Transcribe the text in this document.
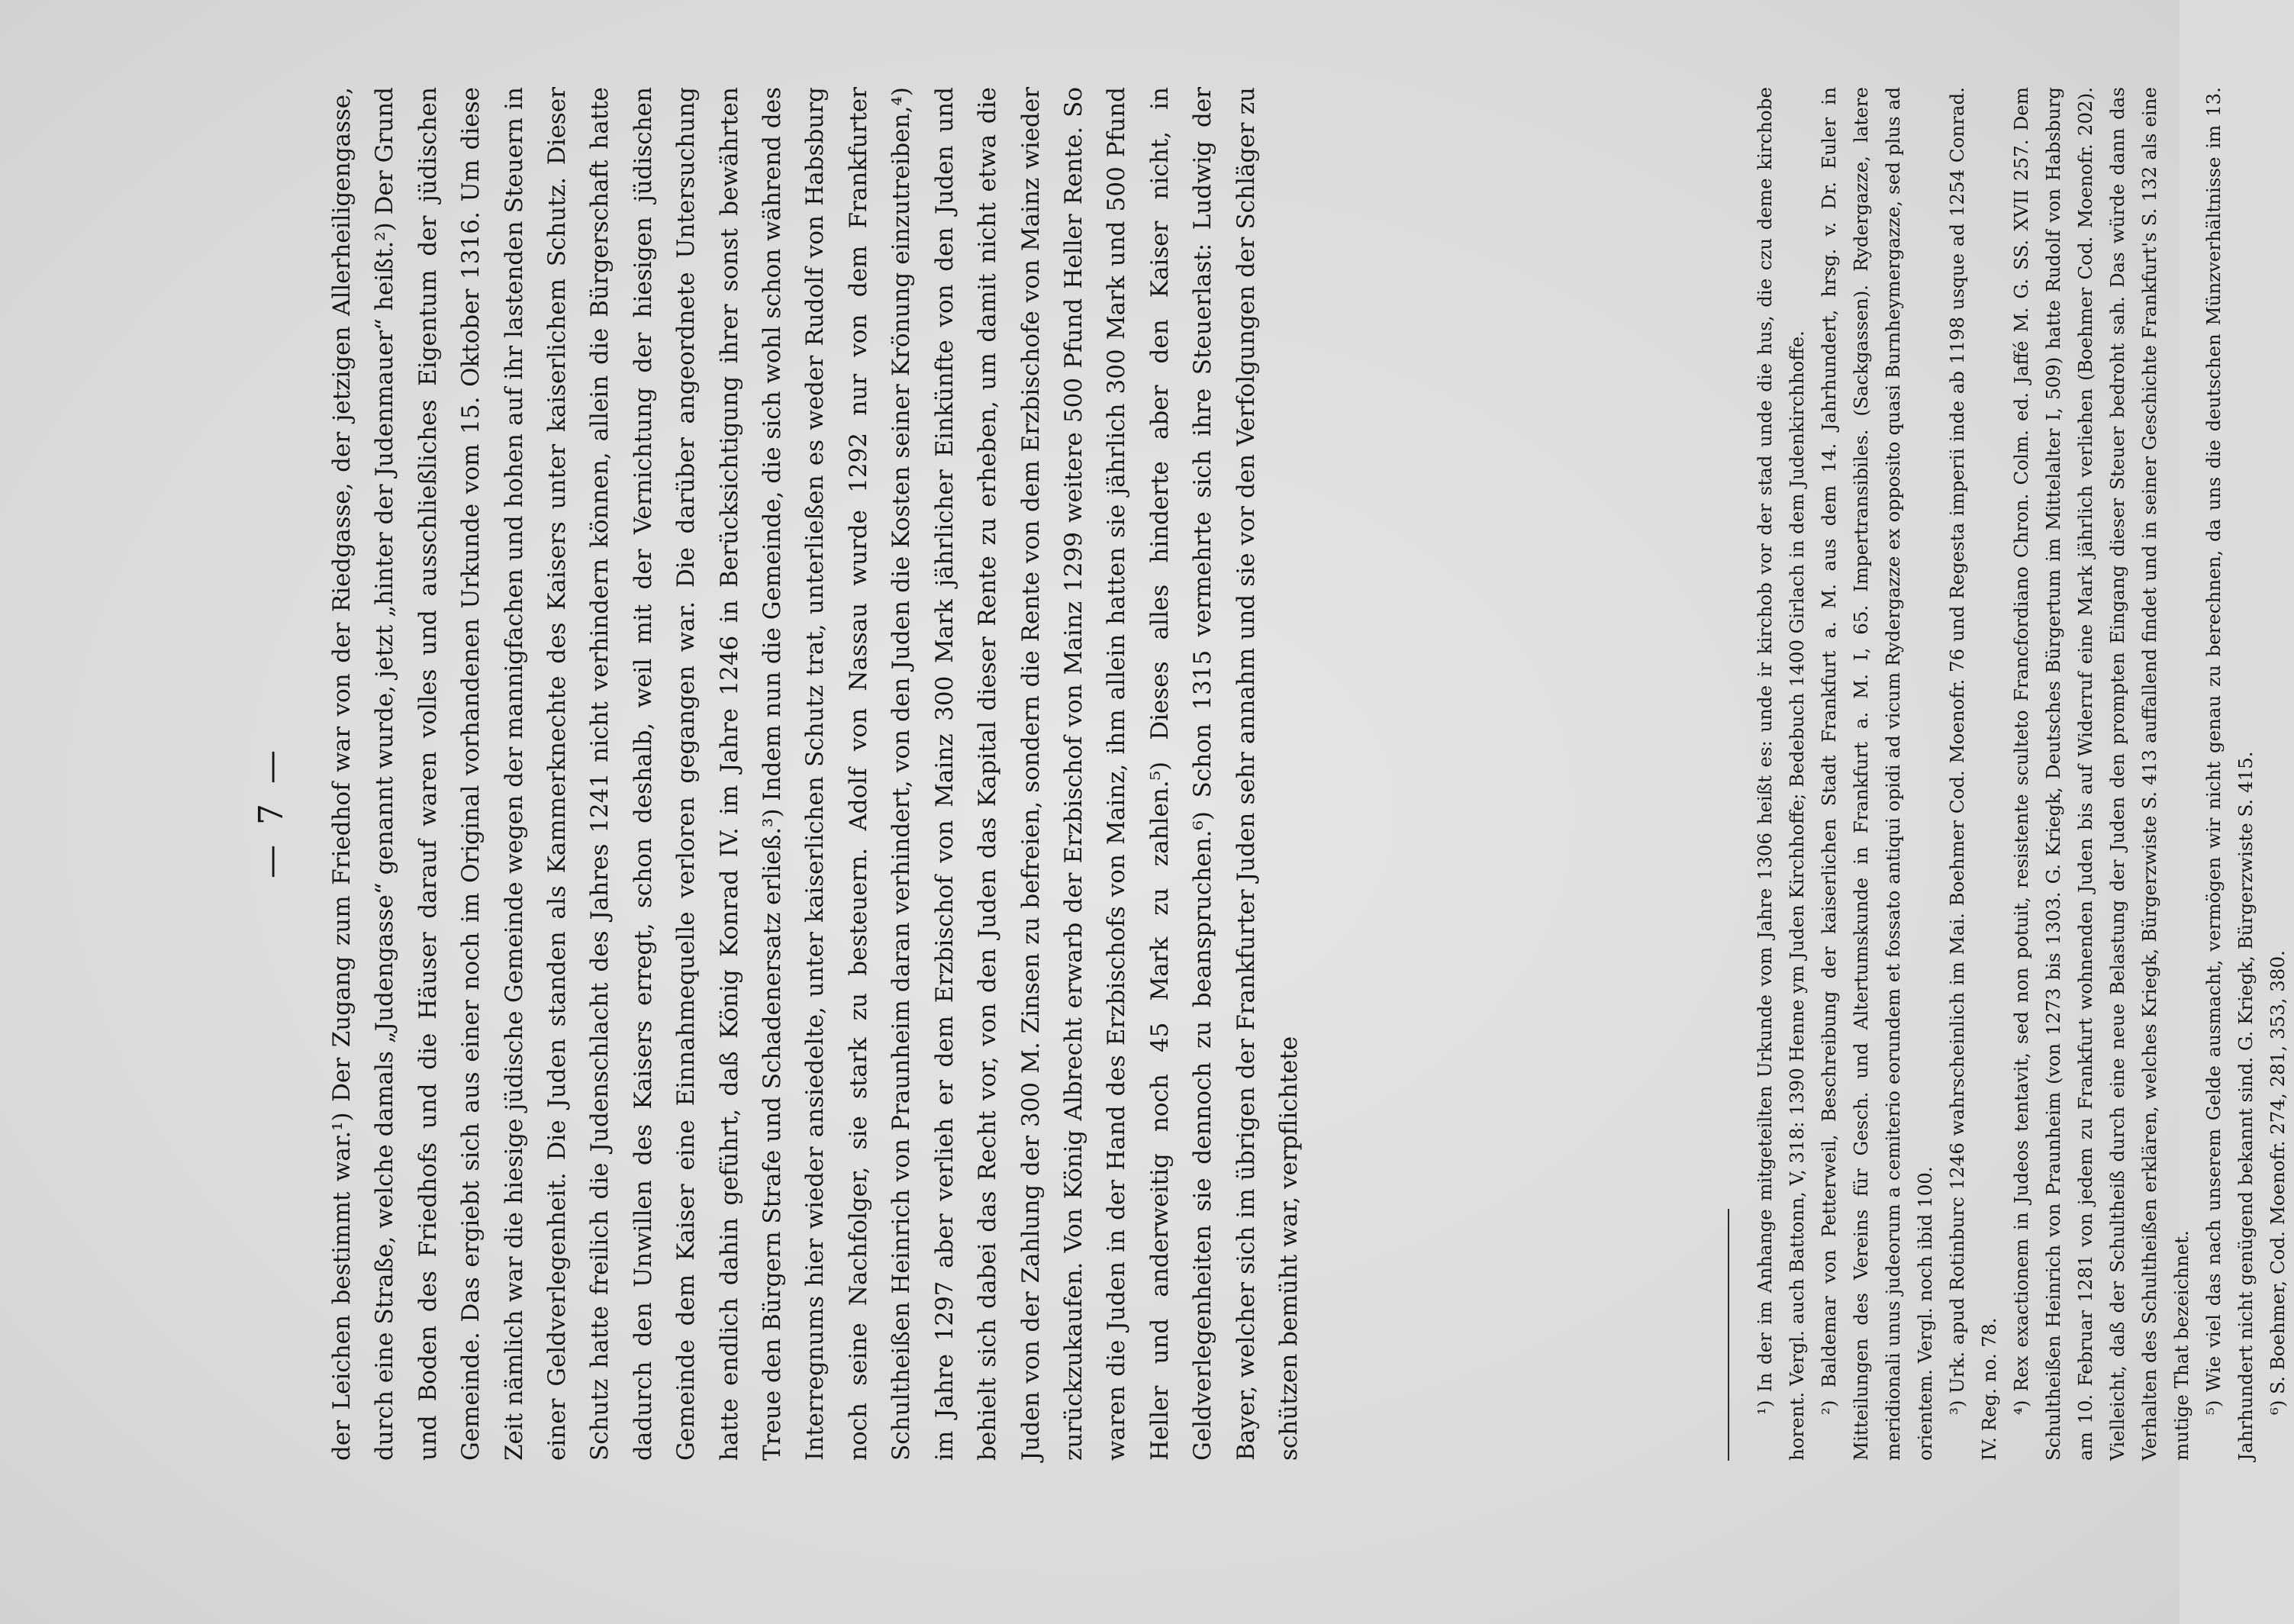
— 7 —	der Leichen bestimmt war.¹) Der Zugang zum Friedhof war von der Riedgasse, der jetzigen Allerheiligengasse, durch eine Straße, welche damals „Judengasse“ genannt wurde, jetzt „hinter der Judenmauer“ heißt.²) Der Grund und Boden des Friedhofs und die Häuser darauf waren volles und ausschließliches Eigentum der jüdischen Gemeinde. Das ergiebt sich aus einer noch im Original vorhandenen Urkunde vom 15. Oktober 1316. Um diese Zeit nämlich war die hiesige jüdische Gemeinde wegen der mannigfachen und hohen auf ihr lastenden Steuern in einer Geldverlegenheit. Die Juden standen als Kammerknechte des Kaisers unter kaiserlichem Schutz. Dieser Schutz hatte freilich die Judenschlacht des Jahres 1241 nicht verhindern können, allein die Bürgerschaft hatte dadurch den Unwillen des Kaisers erregt, schon deshalb, weil mit der Vernichtung der hiesigen jüdischen Gemeinde dem Kaiser eine Einnahmequelle verloren gegangen war. Die darüber angeordnete Untersuchung hatte endlich dahin geführt, daß König Konrad IV. im Jahre 1246 in Berücksichtigung ihrer sonst bewährten Treue den Bürgern Strafe und Schadenersatz erließ.³) Indem nun die Gemeinde, die sich wohl schon während des Interregnums hier wieder ansiedelte, unter kaiserlichen Schutz trat, unterließen es weder Rudolf von Habsburg noch seine Nachfolger, sie stark zu besteuern. Adolf von Nassau wurde 1292 nur von dem Frankfurter Schultheißen Heinrich von Praunheim daran verhindert, von den Juden die Kosten seiner Krönung einzutreiben,⁴) im Jahre 1297 aber verlieh er dem Erzbischof von Mainz 300 Mark jährlicher Einkünfte von den Juden und behielt sich dabei das Recht vor, von den Juden das Kapital dieser Rente zu erheben, um damit nicht etwa die Juden von der Zahlung der 300 M. Zinsen zu befreien, sondern die Rente von dem Erzbischofe von Mainz wieder zurückzukaufen. Von König Albrecht erwarb der Erzbischof von Mainz 1299 weitere 500 Pfund Heller Rente. So waren die Juden in der Hand des Erzbischofs von Mainz, ihm allein hatten sie jährlich 300 Mark und 500 Pfund Heller und anderweitig noch 45 Mark zu zahlen.⁵) Dieses alles hinderte aber den Kaiser nicht, in Geldverlegenheiten sie dennoch zu beanspruchen.⁶) Schon 1315 vermehrte sich ihre Steuerlast: Ludwig der Bayer, welcher sich im übrigen der Frankfurter Juden sehr annahm und sie vor den Verfolgungen der Schläger zu schützen bemüht war, verpflichtete	¹) In der im Anhange mitgeteilten Urkunde vom Jahre 1306 heißt es: unde ir kirchob vor der stad unde die hus, die czu deme kirchobe horent. Vergl. auch Battonn, V, 318: 1390 Henne ym Juden Kirchhoffe; Bedebuch 1400 Girlach in dem Judenkirchhoffe. ²) Baldemar von Petterweil, Beschreibung der kaiserlichen Stadt Frankfurt a. M. aus dem 14. Jahrhundert, hrsg. v. Dr. Euler in Mitteilungen des Vereins für Gesch. und Altertumskunde in Frankfurt a. M. I, 65. Impertransibiles. (Sackgassen). Rydergazze, latere meridionali unus judeorum a cemiterio eorundem et fossato antiqui opidi ad vicum Rydergazze ex opposito quasi Burnheymergazze, sed plus ad orientem. Vergl. noch ibid 100. ³) Urk. apud Rotinburc 1246 wahrscheinlich im Mai. Boehmer Cod. Moenofr. 76 und Regesta imperii inde ab 1198 usque ad 1254 Conrad. IV. Reg. no. 78. ⁴) Rex exactionem in Judeos tentavit, sed non potuit, resistente sculteto Francfordiano Chron. Colm. ed. Jaffé M. G. SS. XVII 257. Dem Schultheißen Heinrich von Praunheim (von 1273 bis 1303. G. Kriegk, Deutsches Bürgertum im Mittelalter I, 509) hatte Rudolf von Habsburg am 10. Februar 1281 von jedem zu Frankfurt wohnenden Juden bis auf Widerruf eine Mark jährlich verliehen (Boehmer Cod. Moenofr. 202). Vielleicht, daß der Schultheiß durch eine neue Belastung der Juden den prompten Eingang dieser Steuer bedroht sah. Das würde dann das Verhalten des Schultheißen erklären, welches Kriegk, Bürgerzwiste S. 413 auffallend findet und in seiner Geschichte Frankfurt's S. 132 als eine mutige That bezeichnet. ⁵) Wie viel das nach unserem Gelde ausmacht, vermögen wir nicht genau zu berechnen, da uns die deutschen Münzverhältnisse im 13. Jahrhundert nicht genügend bekannt sind. G. Kriegk, Bürgerzwiste S. 415. ⁶) S. Boehmer, Cod. Moenofr. 274, 281, 353, 380.
